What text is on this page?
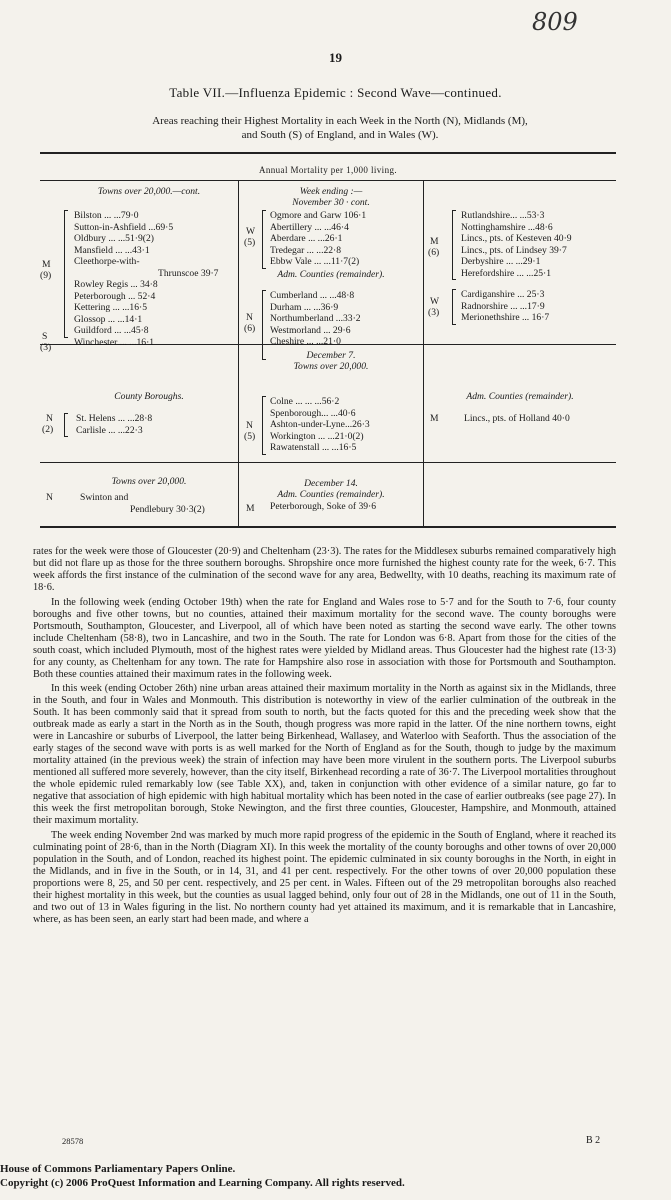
809
19
Table VII.—Influenza Epidemic : Second Wave—continued.
Areas reaching their Highest Mortality in each Week in the North (N), Midlands (M),
and South (S) of England, and in Wales (W).
Annual Mortality per 1,000 living.
Towns over 20,000.—cont.
M
(9)
Bilston ... ...79·0
Sutton-in-Ashfield ...69·5
Oldbury ... ...51·9(2)
Mansfield ... ...43·1
Cleethorpe-with-
Thrunscoe 39·7
Rowley Regis ... 34·8
Peterborough ... 52·4
Kettering ... ...16·5
Glossop ... ...14·1
S
(3)
Week ending :—
November 30 · cont.
W
(5)
Ogmore and Garw 106·1
Abertillery ... ...46·4
Aberdare ... ...26·1
Tredegar ... ...22·8
Ebbw Vale ... ...11·7(2)
Adm. Counties (remainder).
N
(6)
Cumberland ... ...48·8
Durham ... ...36·9
Northumberland ...33·2
Westmorland ... 29·6
M
(6)
Rutlandshire... ...53·3
Nottinghamshire ...48·6
Lincs., pts. of Kesteven 40·9
Lincs., pts. of Lindsey 39·7
Derbyshire ... ...29·1
Herefordshire ... ...25·1
W
(3)
Cardiganshire ... 25·3
Radnorshire ... ...17·9
Merionethshire ... 16·7
County Boroughs.
N
(2)
St. Helens ... ...28·8
Carlisle ... ...22·3
December 7.
Towns over 20,000.
N
(5)
Colne ... ... ...56·2
Spenborough... ...40·6
Ashton-under-Lyne...26·3
Workington ... ...21·0(2)
Rawatenstall ... ...16·5
M
Adm. Counties (remainder).
Lincs., pts. of Holland 40·0
N
Towns over 20,000.
Swinton and
Pendlebury 30·3(2)
December 14.
Adm. Counties (remainder).
M Peterborough, Soke of 39·6

rates for the week were those of Gloucester (20·9) and Cheltenham (23·3). The rates for the Middlesex suburbs remained comparatively high but did not flare up as those for the three southern boroughs. Shropshire once more furnished the highest county rate for the week, 6·7. This week affords the first instance of the culmination of the second wave for any area, Bedwellty, with 10 deaths, reaching its maximum rate of 18·6.

In the following week (ending October 19th) when the rate for England and Wales rose to 5·7 and for the South to 7·6, four county boroughs and five other towns, but no counties, attained their maximum mortality for the second wave. The county boroughs were Portsmouth, Southampton, Gloucester, and Liverpool, all of which have been noted as starting the second wave early. The other towns include Cheltenham (58·8), two in Lancashire, and two in the South. The rate for London was 6·8. Apart from those for the cities of the south coast, which included Plymouth, most of the highest rates were yielded by Midland areas. Thus Gloucester had the highest rate (13·3) for any county, as Cheltenham for any town. The rate for Hampshire also rose in association with those for Portsmouth and Southampton. Both these counties attained their maximum rates in the following week.

In this week (ending October 26th) nine urban areas attained their maximum mortality in the North as against six in the Midlands, three in the South, and four in Wales and Monmouth. This distribution is noteworthy in view of the earlier culmination of the outbreak in the South. It has been commonly said that it spread from south to north, but the facts quoted for this and the preceding week show that the outbreak made as early a start in the North as in the South, though progress was more rapid in the latter. Of the nine northern towns, eight were in Lancashire or suburbs of Liverpool, the latter being Birkenhead, Wallasey, and Waterloo with Seaforth. Thus the association of the early stages of the second wave with ports is as well marked for the North of England as for the South, though to judge by the maximum mortality attained (in the previous week) the strain of infection may have been more virulent in the southern ports. The Liverpool suburbs mentioned all suffered more severely, however, than the city itself, Birkenhead recording a rate of 36·7. The Liverpool mortalities throughout the whole epidemic ruled remarkably low (see Table XX), and, taken in conjunction with other evidence of a similar nature, go far to negative that association of high epidemic with high habitual mortality which has been noted in the case of earlier outbreaks (see page 27). In this week the first metropolitan borough, Stoke Newington, and the first three counties, Gloucester, Hampshire, and Monmouth, attained their maximum mortality.

The week ending November 2nd was marked by much more rapid progress of the epidemic in the South of England, where it reached its culminating point of 28·6, than in the North (Diagram XI). In this week the mortality of the county boroughs and other towns of over 20,000 population in the South, and of London, reached its highest point. The epidemic culminated in six county boroughs in the North, in eight in the Midlands, and in five in the South, or in 14, 31, and 41 per cent. respectively. For the other towns of over 20,000 population these proportions were 8, 25, and 50 per cent. respectively, and 25 per cent. in Wales. Fifteen out of the 29 metropolitan boroughs also reached their highest mortality in this week, but the counties as usual lagged behind, only four out of 28 in the Midlands, one out of 11 in the South, and two out of 13 in Wales figuring in the list. No northern county had yet attained its maximum, and it is remarkable that in Lancashire, where, as has been seen, an early start had been made, and where a

28578	B 2
House of Commons Parliamentary Papers Online.
Copyright (c) 2006 ProQuest Information and Learning Company. All rights reserved.
Guildford ... ...45·8
Winchester ... ...16·1	Cheshire ... ...21·0
